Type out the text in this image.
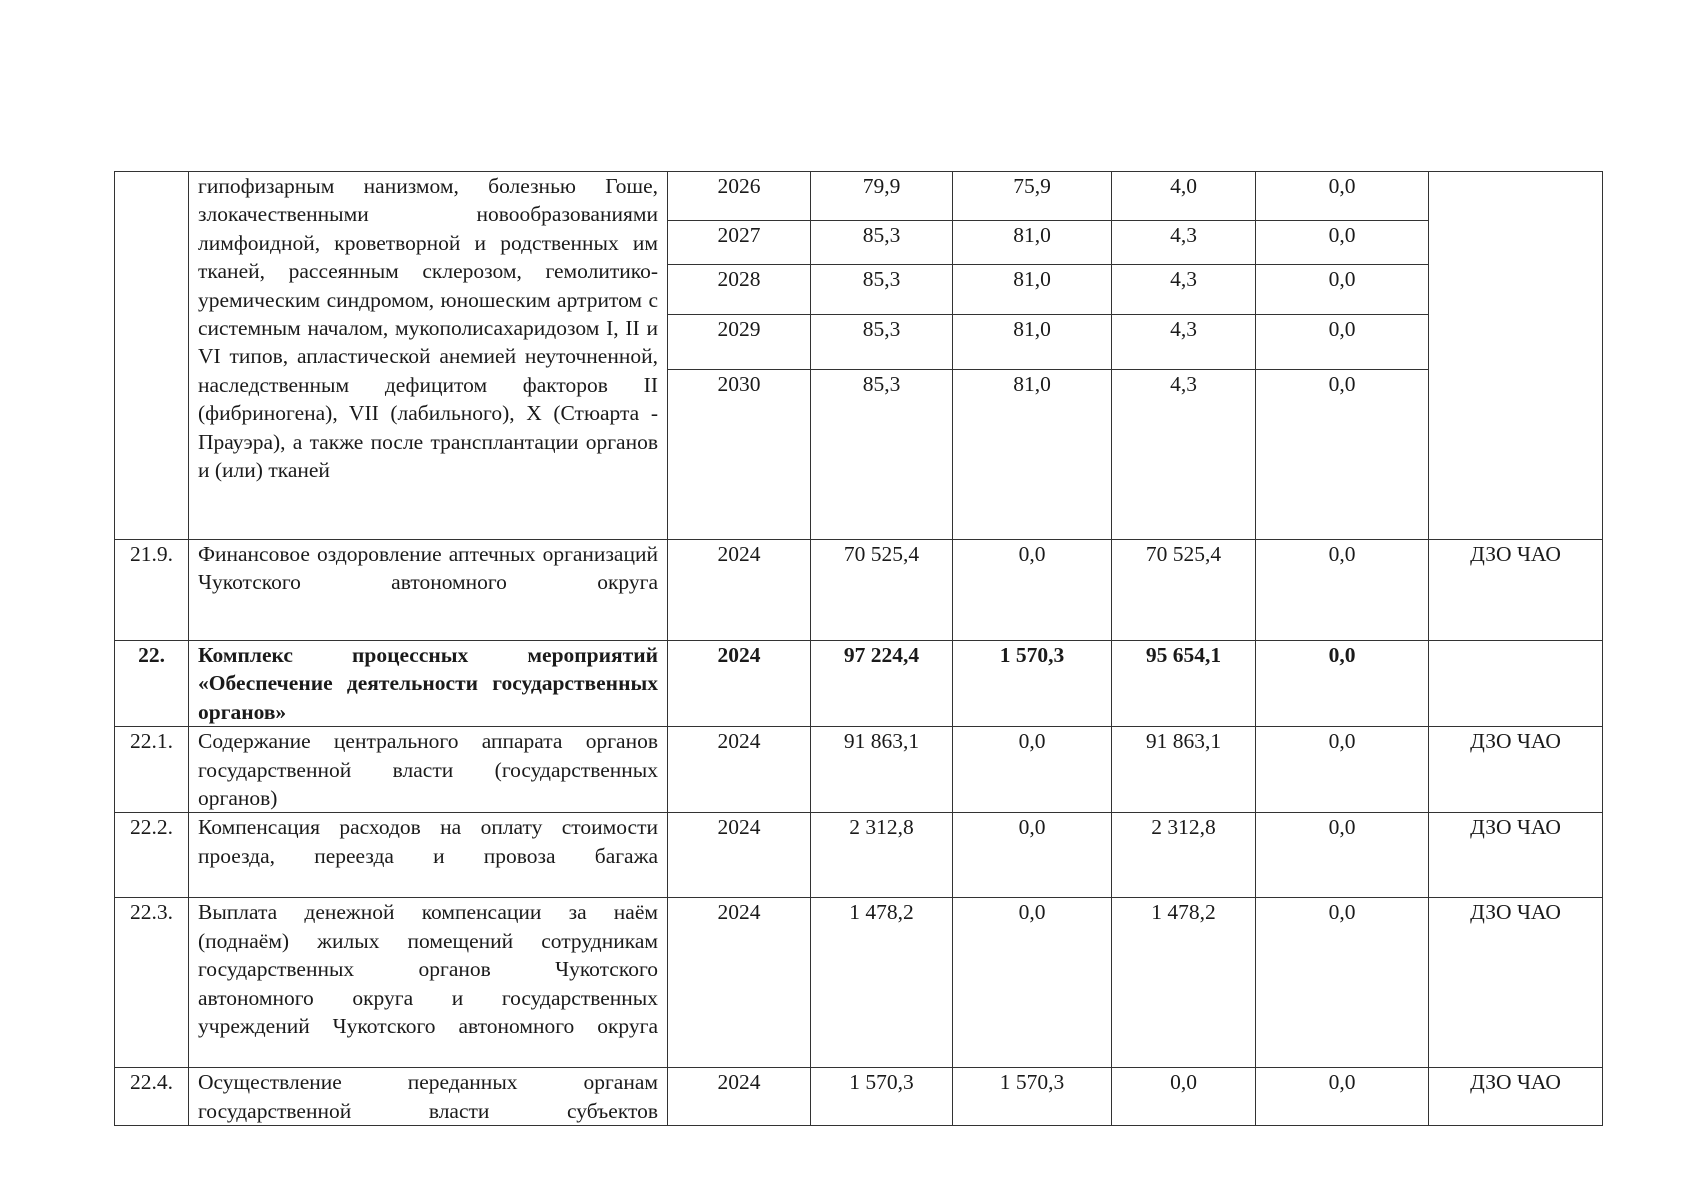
	гипофизарным нанизмом, болезнью Гоше, злокачественными новообразованиями лимфоидной, кроветворной и родственных им тканей, рассеянным склерозом, гемолитико-уремическим синдромом, юношеским артритом с системным началом, мукополисахаридозом I, II и VI типов, апластической анемией неуточненной, наследственным дефицитом факторов II (фибриногена), VII (лабильного), X (Стюарта - Прауэра), а также после трансплантации органов и (или) тканей	2026	79,9	75,9	4,0	0,0	
		2027	85,3	81,0	4,3	0,0	
		2028	85,3	81,0	4,3	0,0	
		2029	85,3	81,0	4,3	0,0	
		2030	85,3	81,0	4,3	0,0	
21.9.	Финансовое оздоровление аптечных организаций Чукотского автономного округа	2024	70 525,4	0,0	70 525,4	0,0	ДЗО ЧАО
22.	Комплекс процессных мероприятий «Обеспечение деятельности государственных органов»	2024	97 224,4	1 570,3	95 654,1	0,0	
22.1.	Содержание центрального аппарата органов государственной власти (государственных органов)	2024	91 863,1	0,0	91 863,1	0,0	ДЗО ЧАО
22.2.	Компенсация расходов на оплату стоимости проезда, переезда и провоза багажа	2024	2 312,8	0,0	2 312,8	0,0	ДЗО ЧАО
22.3.	Выплата денежной компенсации за наём (поднаём) жилых помещений сотрудникам государственных органов Чукотского автономного округа и государственных учреждений Чукотского автономного округа	2024	1 478,2	0,0	1 478,2	0,0	ДЗО ЧАО
22.4.	Осуществление переданных органам государственной власти субъектов	2024	1 570,3	1 570,3	0,0	0,0	ДЗО ЧАО
